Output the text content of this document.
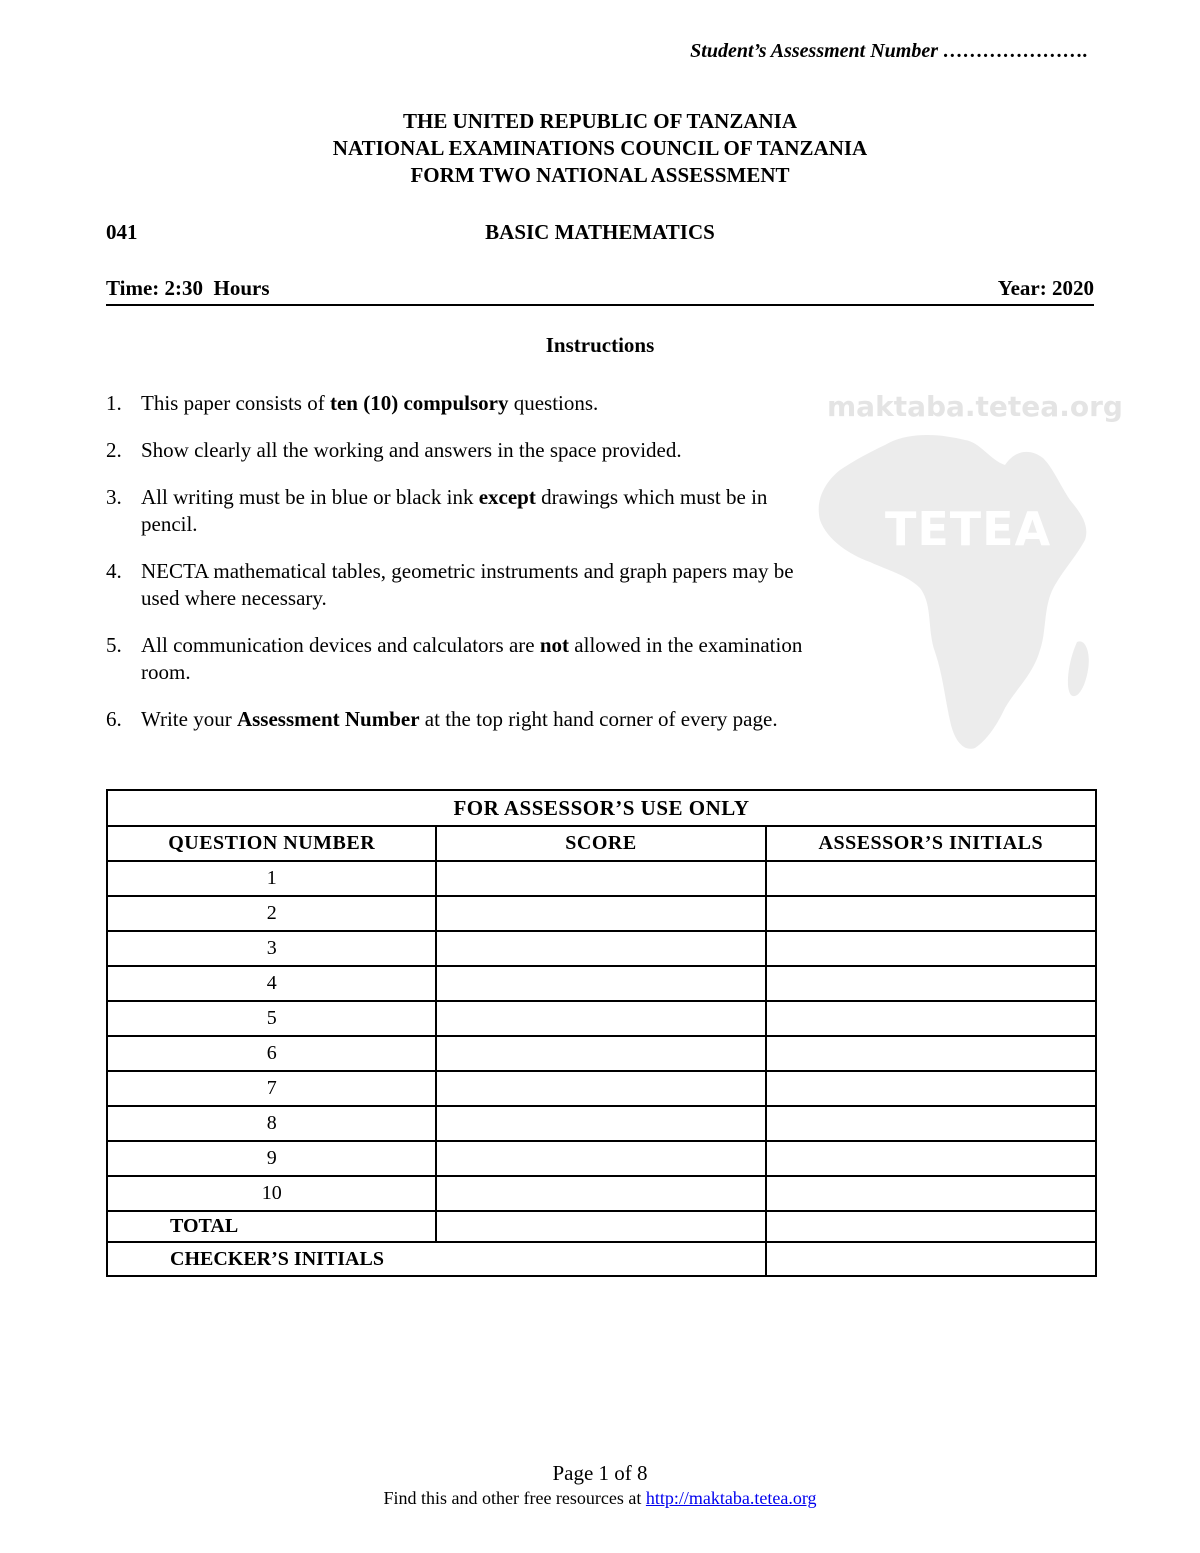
Student’s Assessment Number ………………….
THE UNITED REPUBLIC OF TANZANIA
NATIONAL EXAMINATIONS COUNCIL OF TANZANIA
FORM TWO NATIONAL ASSESSMENT
BASIC MATHEMATICS
041
Time: 2:30  Hours	Year: 2020
Instructions
maktaba.tetea.org
TETEA
1. This paper consists of ten (10) compulsory questions.
2. Show clearly all the working and answers in the space provided.
3. All writing must be in blue or black ink except drawings which must be in pencil.
4. NECTA mathematical tables, geometric instruments and graph papers may be used where necessary.
5. All communication devices and calculators are not allowed in the examination room.
6. Write your Assessment Number at the top right hand corner of every page.
FOR ASSESSOR’S USE ONLY		
QUESTION NUMBER	SCORE	ASSESSOR’S INITIALS
1		
2		
3		
4		
5		
6		
7		
8		
9		
10		
TOTAL		
CHECKER’S INITIALS		
Page 1 of 8
Find this and other free resources at http://maktaba.tetea.org
